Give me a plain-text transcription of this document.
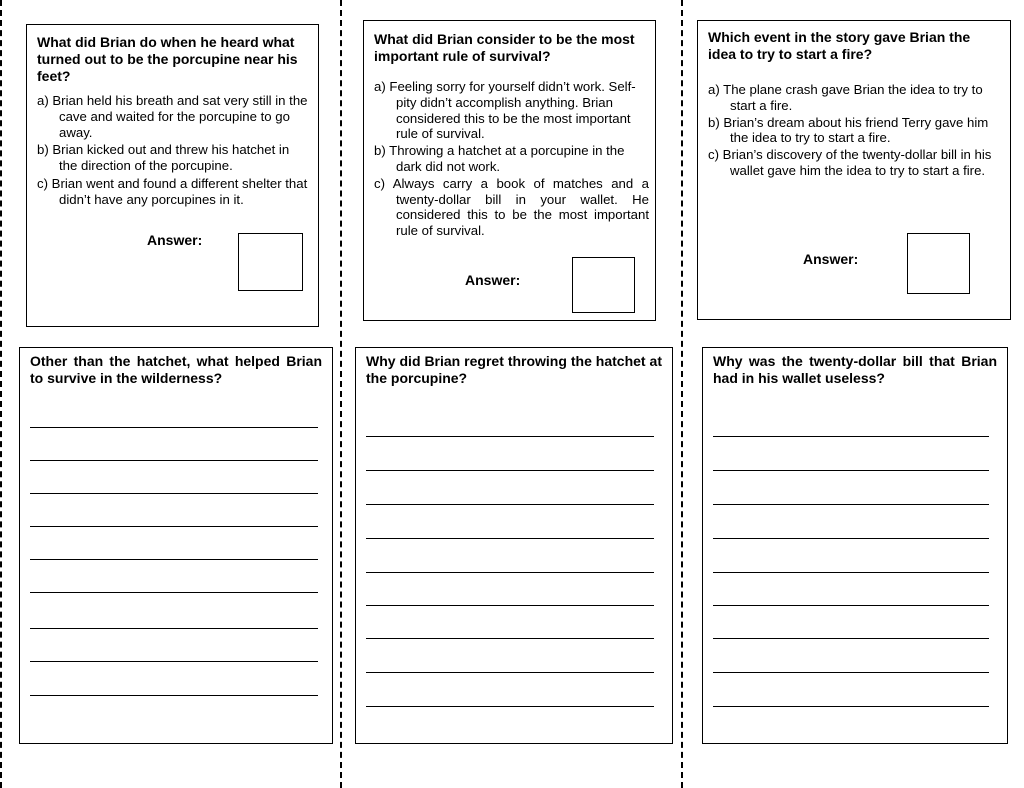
What did Brian do when he heard what turned out to be the porcupine near his feet?

a) Brian held his breath and sat very still in the cave and waited for the porcupine to go away.
b) Brian kicked out and threw his hatchet in the direction of the porcupine.
c) Brian went and found a different shelter that didn’t have any porcupines in it.
Answer:

What did Brian consider to be the most important rule of survival?

a) Feeling sorry for yourself didn’t work. Self-pity didn’t accomplish anything. Brian considered this to be the most important rule of survival.
b) Throwing a hatchet at a porcupine in the dark did not work.
c) Always carry a book of matches and a twenty-dollar bill in your wallet. He considered this to be the most important rule of survival.
Answer:

Which event in the story gave Brian the idea to try to start a fire?

a) The plane crash gave Brian the idea to try to start a fire.
b) Brian’s dream about his friend Terry gave him the idea to try to start a fire.
c) Brian’s discovery of the twenty-dollar bill in his wallet gave him the idea to try to start a fire.
Answer:

Other than the hatchet, what helped Brian to survive in the wilderness?

Why did Brian regret throwing the hatchet at the porcupine?

Why was the twenty-dollar bill that Brian had in his wallet useless?
